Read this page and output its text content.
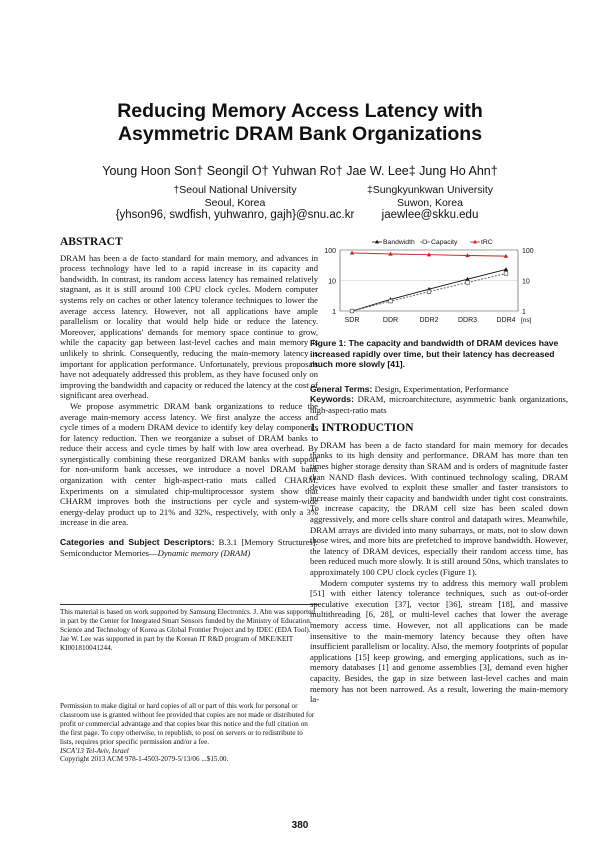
Reducing Memory Access Latency with Asymmetric DRAM Bank Organizations
Young Hoon Son† Seongil O† Yuhwan Ro† Jae W. Lee‡ Jung Ho Ahn†
†Seoul National University
Seoul, Korea
{yhson96, swdfish, yuhwanro, gajh}@snu.ac.kr
‡Sungkyunkwan University
Suwon, Korea
jaewlee@skku.edu
ABSTRACT

DRAM has been a de facto standard for main memory, and advances in process technology have led to a rapid increase in its capacity and bandwidth. In contrast, its random access latency has remained relatively stagnant, as it is still around 100 CPU clock cycles. Modern computer systems rely on caches or other latency tolerance techniques to lower the average access latency. However, not all applications have ample parallelism or locality that would help hide or reduce the latency. Moreover, applications' demands for memory space continue to grow, while the capacity gap between last-level caches and main memory is unlikely to shrink. Consequently, reducing the main-memory latency is important for application performance. Unfortunately, previous proposals have not adequately addressed this problem, as they have focused only on improving the bandwidth and capacity or reduced the latency at the cost of significant area overhead.

We propose asymmetric DRAM bank organizations to reduce the average main-memory access latency. We first analyze the access and cycle times of a modern DRAM device to identify key delay components for latency reduction. Then we reorganize a subset of DRAM banks to reduce their access and cycle times by half with low area overhead. By synergistically combining these reorganized DRAM banks with support for non-uniform bank accesses, we introduce a novel DRAM bank organization with center high-aspect-ratio mats called CHARM. Experiments on a simulated chip-multiprocessor system show that CHARM improves both the instructions per cycle and system-wide energy-delay product up to 21% and 32%, respectively, with only a 3% increase in die area.

Categories and Subject Descriptors: B.3.1 [Memory Structures]: Semiconductor Memories—Dynamic memory (DRAM)

This material is based on work supported by Samsung Electronics. J. Ahn was supported in part by the Center for Integrated Smart Sensors funded by the Ministry of Education, Science and Technology of Korea as Global Frontier Project and by IDEC (EDA Tool). Jae W. Lee was supported in part by the Korean IT R&D program of MKE/KEIT KI001810041244.
Permission to make digital or hard copies of all or part of this work for personal or classroom use is granted without fee provided that copies are not made or distributed for profit or commercial advantage and that copies bear this notice and the full citation on the first page. To copy otherwise, to republish, to post on servers or to redistribute to lists, requires prior specific permission and/or a fee.
ISCA'13 Tel-Aviv, Israel
Copyright 2013 ACM 978-1-4503-2079-5/13/06 ...$15.00.
1	1
10	10
100	100
SDR	DDR	DDR2	DDR3	DDR4 [ns]
Bandwidth Capacity	tRC
Figure 1: The capacity and bandwidth of DRAM devices have increased rapidly over time, but their latency has decreased much more slowly [41].

General Terms: Design, Experimentation, Performance

Keywords: DRAM, microarchitecture, asymmetric bank organizations, high-aspect-ratio mats

1. INTRODUCTION

DRAM has been a de facto standard for main memory for decades thanks to its high density and performance. DRAM has more than ten times higher storage density than SRAM and is orders of magnitude faster than NAND flash devices. With continued technology scaling, DRAM devices have evolved to exploit these smaller and faster transistors to increase mainly their capacity and bandwidth under tight cost constraints. To increase capacity, the DRAM cell size has been scaled down aggressively, and more cells share control and datapath wires. Meanwhile, DRAM arrays are divided into many subarrays, or mats, not to slow down those wires, and more bits are prefetched to improve bandwidth. However, the latency of DRAM devices, especially their random access time, has been reduced much more slowly. It is still around 50ns, which translates to approximately 100 CPU clock cycles (Figure 1).

Modern computer systems try to address this memory wall problem [51] with either latency tolerance techniques, such as out-of-order speculative execution [37], vector [36], stream [18], and massive multithreading [6, 28], or multi-level caches that lower the average memory access time. However, not all applications can be made insensitive to the main-memory latency because they often have insufficient parallelism or locality. Also, the memory footprints of popular applications [15] keep growing, and emerging applications, such as in-memory databases [1] and genome assemblies [3], demand even higher capacity. Besides, the gap in size between last-level caches and main memory has not been narrowed. As a result, lowering the main-memory la-

380
